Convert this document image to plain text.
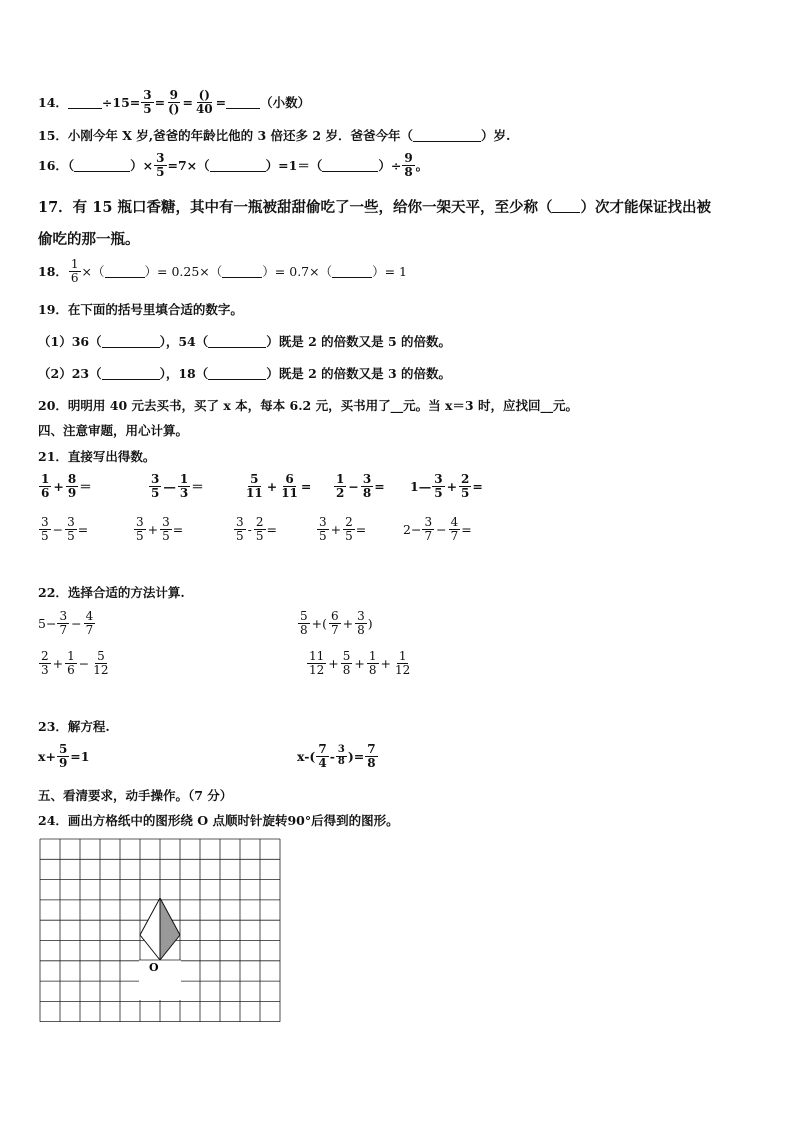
14．	$\div 15= \frac{3}{5} = \frac{9}{()} = \frac{()}{40}$ =	（小数）
15．小刚今年 X 岁,爸爸的年龄比他的 3 倍还多 2 岁．爸爸今年（	）岁.
16．（	）× $\frac{3}{5} =7\times$（	）=1＝（	）÷ $\frac{9}{8}$ 。
17．有 15 瓶口香糖，其中有一瓶被甜甜偷吃了一些，给你一架天平，至少称（ ）次才能保证找出被
偷吃的那一瓶。
18． $\frac{1}{6}$ ×（	）= 0.25×（	）= 0.7×（	）= 1
19．在下面的括号里填合适的数字。
（1）36（	），54（	）既是 2 的倍数又是 5 的倍数。
（2）23（	），18（	）既是 2 的倍数又是 3 的倍数。
20．明明用 40 元去买书，买了 x 本，每本 6.2 元，买书用了__元。当 x＝3 时，应找回__元。
四、注意审题，用心计算。
21．直接写出得数。
$\frac{1}{6} + \frac{8}{9}$ ＝	$\frac{3}{5}$ — $\frac{1}{3}$ ＝	$\frac{5}{11} + \frac{6}{11} = \frac{1}{2} - \frac{3}{8}$ = 1— $\frac{3}{5} + \frac{2}{5}$ =
$\frac{3}{5} - \frac{3}{5}$ =	$\frac{3}{5} + \frac{3}{5}$ =	$\frac{3}{5} - \frac{2}{5}$ =	$\frac{3}{5} + \frac{2}{5}$ =	$2- \frac{3}{7} - \frac{4}{7}$ =
22．选择合适的方法计算.
$5- \frac{3}{7} - \frac{4}{7}$	$\frac{5}{8}$ +( $\frac{6}{7} + \frac{3}{8}$ )
$\frac{2}{3} + \frac{1}{6} - \frac{5}{12}$	$\frac{11}{12} + \frac{5}{8} + \frac{1}{8} + \frac{1}{12}$
23．解方程.
$x+ \frac{5}{9} =1$	$x-( \frac{7}{4} - \frac{3}{8}$ )= $\frac{7}{8}$
五、看清要求，动手操作。（7 分）
24．画出方格纸中的图形绕 O 点顺时针旋转90°后得到的图形。
O
